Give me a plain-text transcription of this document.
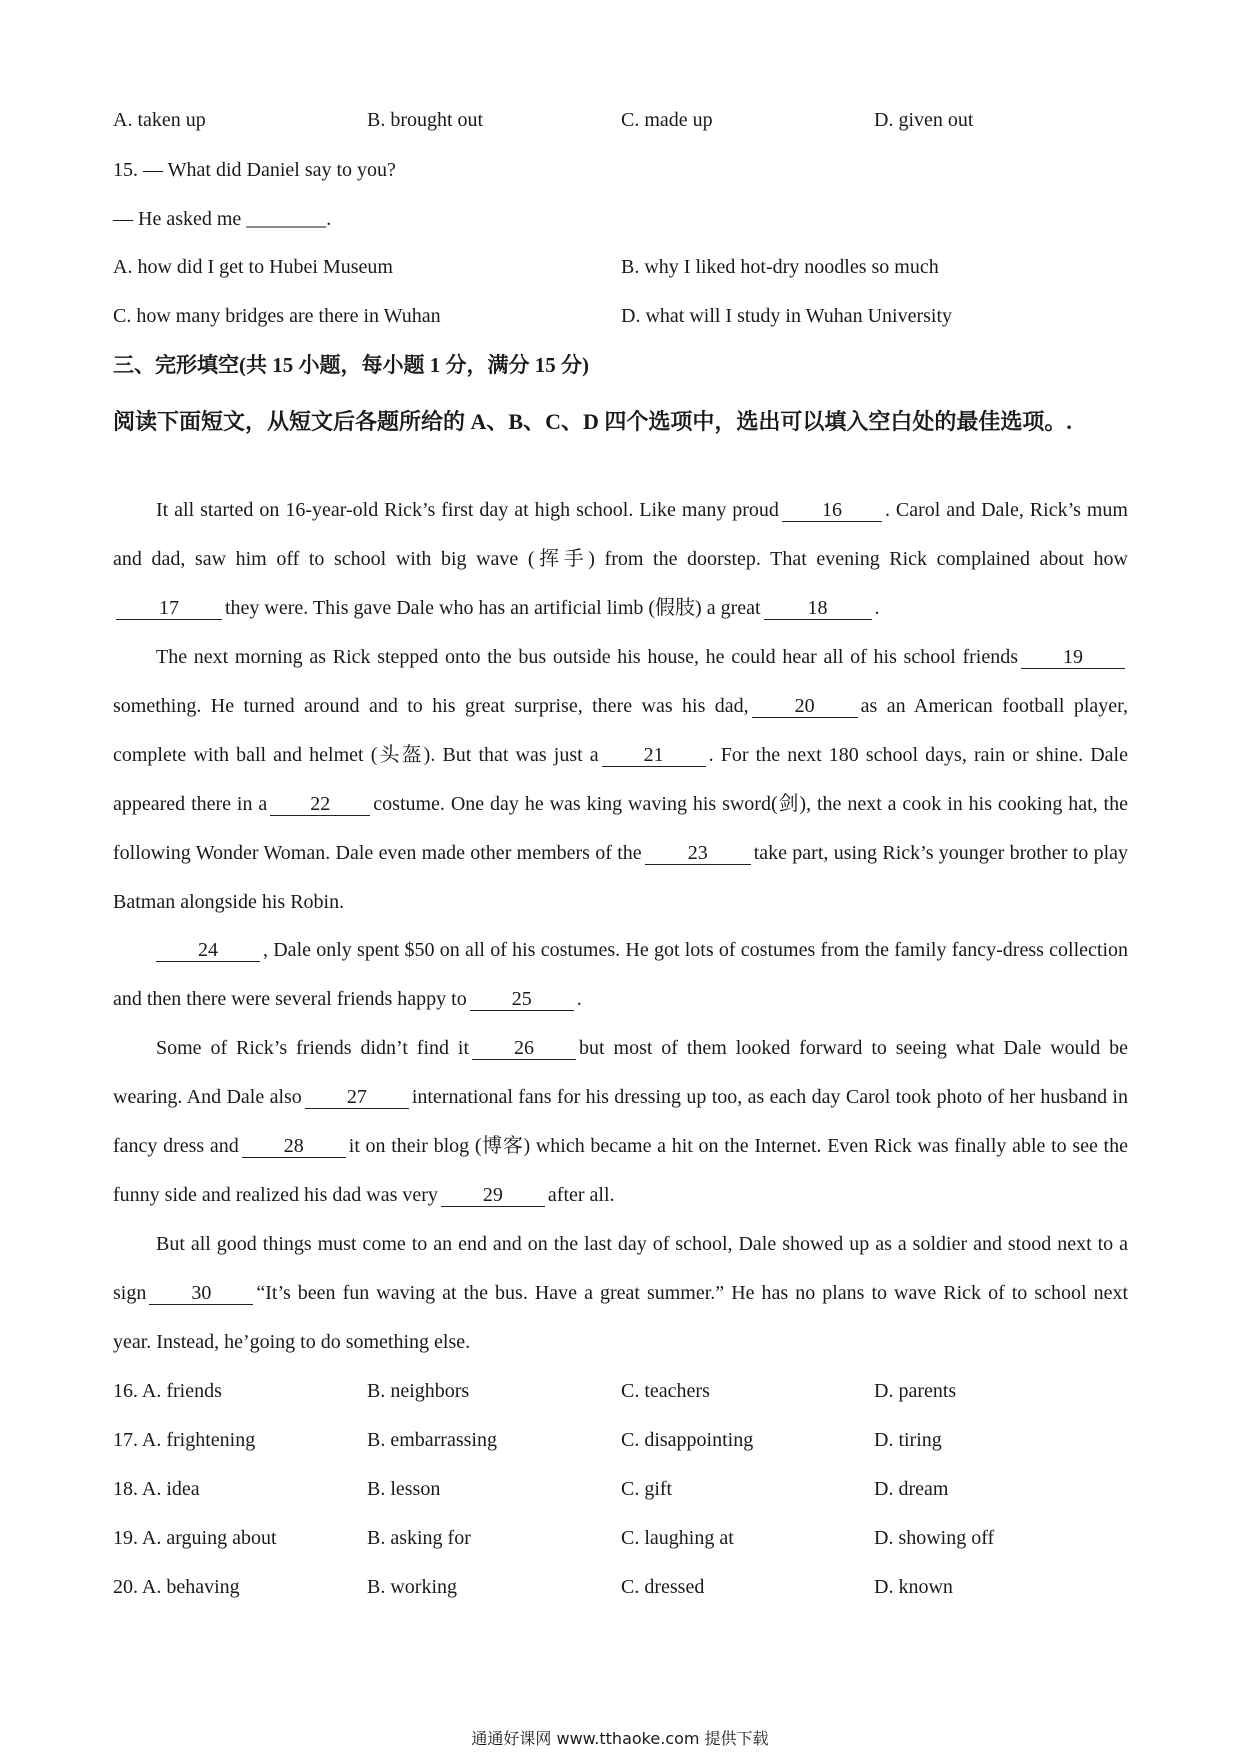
A. taken up	B. brought out	C. made up	D. given out
15. — What did Daniel say to you?
— He asked me ________.
A. how did I get to Hubei Museum	B. why I liked hot-dry noodles so much
C. how many bridges are there in Wuhan	D. what will I study in Wuhan University
三、完形填空(共 15 小题，每小题 1 分，满分 15 分)
阅读下面短文，从短文后各题所给的 A、B、C、D 四个选项中，选出可以填入空白处的最佳选项。.
It all started on 16-year-old Rick’s first day at high school. Like many proud 16 . Carol and Dale, Rick’s mum and dad, saw him off to school with big wave (挥手) from the doorstep. That evening Rick complained about how17 they were. This gave Dale who has an artificial limb (假肢) a great 18 .
The next morning as Rick stepped onto the bus outside his house, he could hear all of his school friends 19something. He turned around and to his great surprise, there was his dad, 20 as an American football player, complete with ball and helmet (头盔). But that was just a 21 . For the next 180 school days, rain or shine. Dale appeared there in a 22 costume. One day he was king waving his sword(剑), the next a cook in his cooking hat, the following Wonder Woman. Dale even made other members of the 23 take part, using Rick’s younger brother to play Batman alongside his Robin.
24 , Dale only spent $50 on all of his costumes. He got lots of costumes from the family fancy-dress collection and then there were several friends happy to 25 .
Some of Rick’s friends didn’t find it 26 but most of them looked forward to seeing what Dale would be wearing. And Dale also 27 international fans for his dressing up too, as each day Carol took photo of her husband in fancy dress and 28 it on their blog (博客) which became a hit on the Internet. Even Rick was finally able to see the funny side and realized his dad was very 29 after all.
But all good things must come to an end and on the last day of school, Dale showed up as a soldier and stood next to a sign 30 “It’s been fun waving at the bus. Have a great summer.” He has no plans to wave Rick of to school next year. Instead, he’going to do something else.
16. A. friends	B. neighbors	C. teachers	D. parents
17. A. frightening	B. embarrassing	C. disappointing	D. tiring
18. A. idea	B. lesson	C. gift	D. dream
19. A. arguing about	B. asking for	C. laughing at	D. showing off
20. A. behaving	B. working	C. dressed	D. known
通通好课网 www.tthaoke.com 提供下载
